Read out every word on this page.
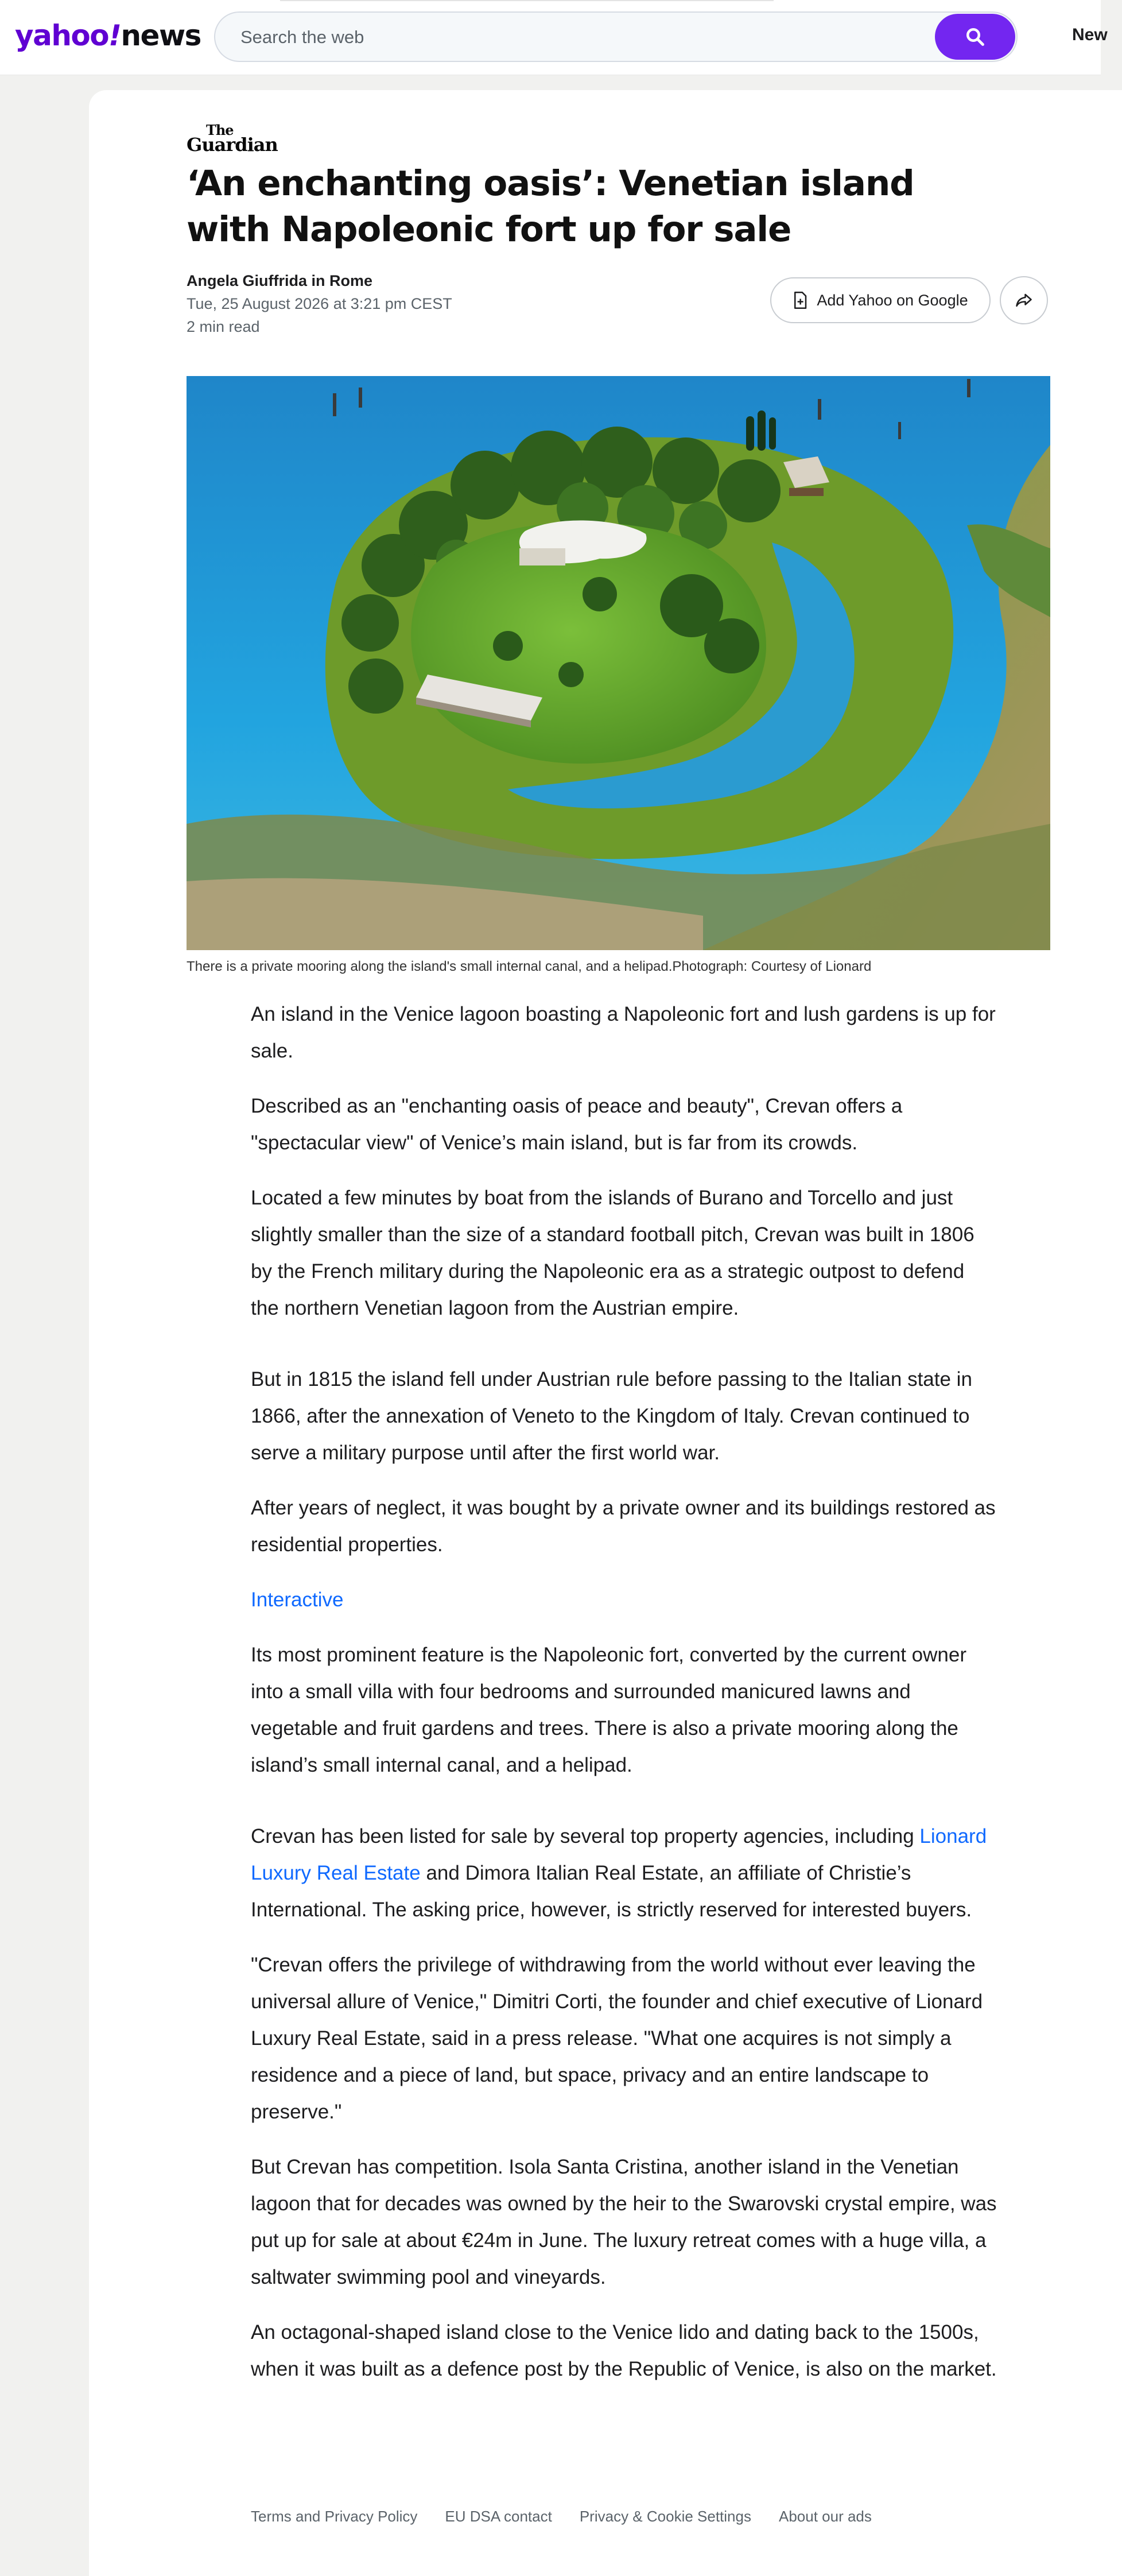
yahoo!news
Search the web	New
The
Guardian
‘An enchanting oasis’: Venetian island with Napoleonic fort up for sale
Angela Giuffrida in Rome
Tue, 25 August 2026 at 3:21 pm CEST
2 min read
Add Yahoo on Google
There is a private mooring along the island's small internal canal, and a helipad.Photograph: Courtesy of Lionard

An island in the Venice lagoon boasting a Napoleonic fort and lush gardens is up for sale.

Described as an "enchanting oasis of peace and beauty", Crevan offers a "spectacular view" of Venice’s main island, but is far from its crowds.

Located a few minutes by boat from the islands of Burano and Torcello and just slightly smaller than the size of a standard football pitch, Crevan was built in 1806 by the French military during the Napoleonic era as a strategic outpost to defend the northern Venetian lagoon from the Austrian empire.

But in 1815 the island fell under Austrian rule before passing to the Italian state in 1866, after the annexation of Veneto to the Kingdom of Italy. Crevan continued to serve a military purpose until after the first world war.

After years of neglect, it was bought by a private owner and its buildings restored as residential properties.

Interactive

Its most prominent feature is the Napoleonic fort, converted by the current owner into a small villa with four bedrooms and surrounded manicured lawns and vegetable and fruit gardens and trees. There is also a private mooring along the island’s small internal canal, and a helipad.

Crevan has been listed for sale by several top property agencies, including Lionard Luxury Real Estate and Dimora Italian Real Estate, an affiliate of Christie’s International. The asking price, however, is strictly reserved for interested buyers.

"Crevan offers the privilege of withdrawing from the world without ever leaving the universal allure of Venice," Dimitri Corti, the founder and chief executive of Lionard Luxury Real Estate, said in a press release. "What one acquires is not simply a residence and a piece of land, but space, privacy and an entire landscape to preserve."

But Crevan has competition. Isola Santa Cristina, another island in the Venetian lagoon that for decades was owned by the heir to the Swarovski crystal empire, was put up for sale at about €24m in June. The luxury retreat comes with a huge villa, a saltwater swimming pool and vineyards.

An octagonal-shaped island close to the Venice lido and dating back to the 1500s, when it was built as a defence post by the Republic of Venice, is also on the market.

Terms and Privacy Policy EU DSA contact Privacy & Cookie Settings About our ads
